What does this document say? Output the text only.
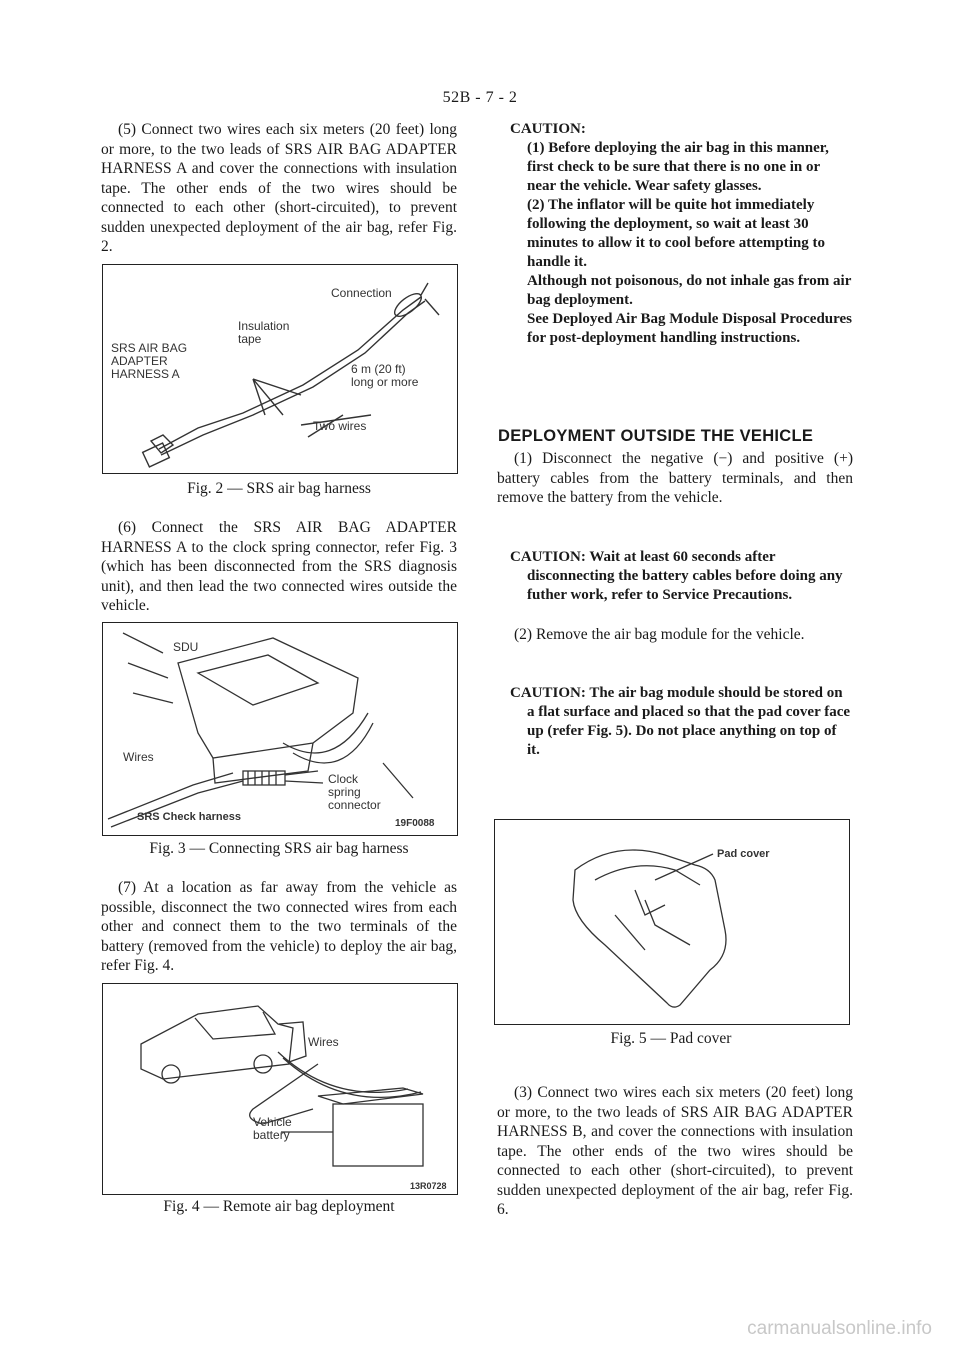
52B - 7 - 2

(5) Connect two wires each six meters (20 feet) long or more, to the two leads of SRS AIR BAG ADAPTER HARNESS A and cover the connections with insulation tape. The other ends of the two wires should be connected to each other (short-circuited), to prevent sudden unexpected deployment of the air bag, refer Fig. 2.

Connection
Insulation
tape
SRS AIR BAG
ADAPTER
HARNESS A	6 m (20 ft)
long or more
Two wires
Fig. 2 — SRS air bag harness

(6) Connect the SRS AIR BAG ADAPTER HARNESS A to the clock spring connector, refer Fig. 3 (which has been disconnected from the SRS diagnosis unit), and then lead the two connected wires outside the vehicle.

SDU
Wires
Clock
spring
connector
SRS Check harness
19F0088
Fig. 3 — Connecting SRS air bag harness

(7) At a location as far away from the vehicle as possible, disconnect the two connected wires from each other and connect them to the two terminals of the battery (removed from the vehicle) to deploy the air bag, refer Fig. 4.

Wires
Vehicle
battery
13R0728
Fig. 4 — Remote air bag deployment
CAUTION:
(1) Before deploying the air bag in this manner, first check to be sure that there is no one in or near the vehicle. Wear safety glasses.
(2) The inflator will be quite hot immediately following the deployment, so wait at least 30 minutes to allow it to cool before attempting to handle it.
Although not poisonous, do not inhale gas from air bag deployment.
See Deployed Air Bag Module Disposal Procedures for post-deployment handling instructions.
DEPLOYMENT OUTSIDE THE VEHICLE

(1) Disconnect the negative (−) and positive (+) battery cables from the battery terminals, and then remove the battery from the vehicle.

CAUTION: Wait at least 60 seconds after disconnecting the battery cables before doing any futher work, refer to Service Precautions.

(2) Remove the air bag module for the vehicle.

CAUTION: The air bag module should be stored on a flat surface and placed so that the pad cover face up (refer Fig. 5). Do not place anything on top of it.
Pad cover
Fig. 5 — Pad cover

(3) Connect two wires each six meters (20 feet) long or more, to the two leads of SRS AIR BAG ADAPTER HARNESS B, and cover the connections with insulation tape. The other ends of the two wires should be connected to each other (short-circuited), to prevent sudden unexpected deployment of the air bag, refer Fig. 6.

carmanualsonline.info
